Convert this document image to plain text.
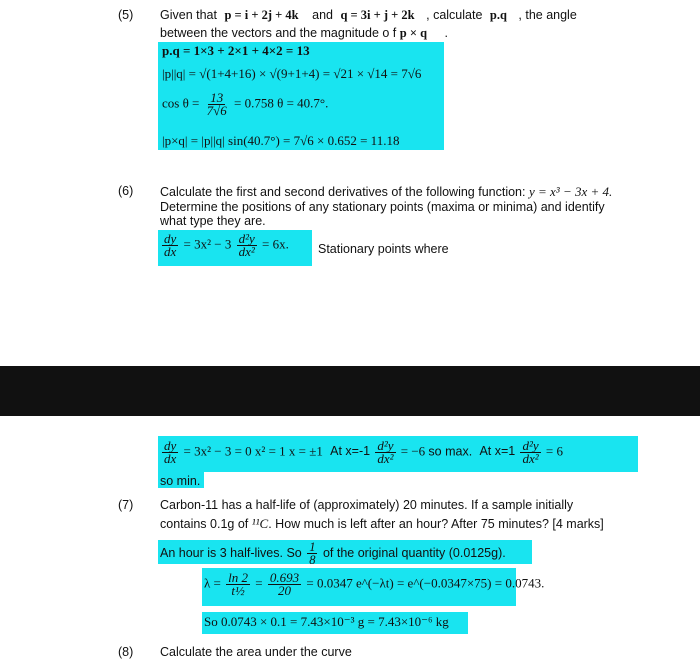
(5) Given that p = i + 2j + 4k and q = 3i + j + 2k , calculate p.q , the angle
between the vectors and the magnitude o f p × q .
p.q = 1×3 + 2×1 + 4×2 = 13
|p||q| = √(1+4+16) × √(9+1+4) = √21 × √14 = 7√6
$\cos \theta = \frac{13}{7√6} = 0.758$ θ = 40.7°.
|p×q| = |p||q| sin(40.7°) = 7√6 × 0.652 = 11.18
(6) Calculate the first and second derivatives of the following function: y = x³ − 3x + 4.
Determine the positions of any stationary points (maxima or minima) and identify
what type they are.
$\frac{dy}{dx} = 3x^2 - 3 \frac{\text{d²y}}{\text{dx²}} = 6x$. Stationary points where
$\frac{dy}{dx} = 3x^2 - 3 = 0$ x² = 1 x = ±1 At $x=-1 \frac{\text{d²y}}{\text{dx²}} = -6$ so max. At $x=1 \frac{\text{d²y}}{\text{dx²}} = 6$
so min.
(7) Carbon-11 has a half-life of (approximately) 20 minutes. If a sample initially
contains 0.1g of ¹¹C. How much is left after an hour? After 75 minutes? [4 marks]
An hour is 3 half-lives. So $\frac{1}{8}$ of the original quantity (0.0125g).
$\lambda = \frac{\ln 2}{\text{t½}} = \frac{0.693}{20} = 0.0347$ e^(−λt) = e^(−0.0347×75) = 0.0743.
So 0.0743 × 0.1 = 7.43×10⁻³ g = 7.43×10⁻⁶ kg
(8) Calculate the area under the curve
